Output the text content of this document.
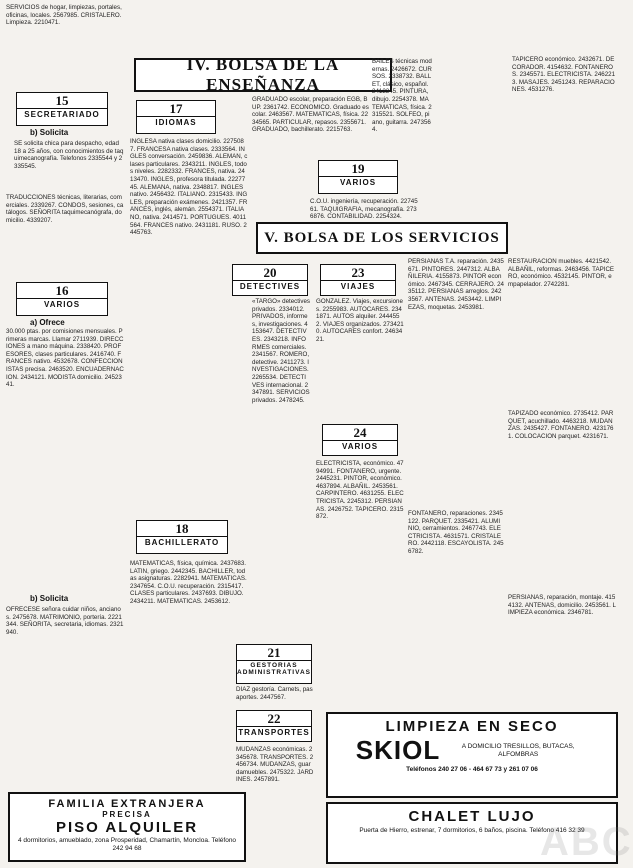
SERVICIOS de hogar, limpiezas, portales, oficinas, locales. 2567985. CRISTALERO. Limpieza. 2210471.

15
SECRETARIADO
b) Solicita

SE solicita chica para despacho, edad 18 a 25 años, con conocimientos de taquimecanografía. Telefonos 2335544 y 2335545.

TRADUCCIONES técnicas, literarias, comerciales. 2339267. CONDOS, sesiones, catálogos. SEÑORITA taquimecanógrafa, domicilio. 4339207.

16
VARIOS
a) Ofrece

30.000 ptas. por comisiones mensuales. Primeras marcas. Llamar 2711939. DIRECCIONES a mano máquina. 2338420. PROFESORES, clases particulares. 2416740. FRANCES nativo. 4532678. CONFECCIONISTAS precisa. 2463520. ENCUADERNACION. 2434121. MODISTA domicilio. 2452341.

b) Solicita

OFRECESE señora cuidar niños, ancianos. 2475678. MATRIMONIO, portería. 2221344. SEÑORITA, secretaria, idiomas. 2321940.

IV. BOLSA DE LA ENSEÑANZA
17
IDIOMAS

INGLESA nativa clases domicilio. 2275087. FRANCESA nativa clases. 2333564. INGLES conversación. 2459836. ALEMAN, clases particulares. 2343211. INGLES, todos niveles. 2282332. FRANCES, nativa. 2413470. INGLES, profesora titulada. 2227745. ALEMANA, nativa. 2348817. INGLES nativo. 2456432. ITALIANO. 2315433. INGLES, preparación exámenes. 2421357. FRANCES, inglés, alemán. 2554371. ITALIANO, nativa. 2414571. PORTUGUES. 4011564. FRANCES nativo. 2431181. RUSO. 2445763.

18
BACHILLERATO

MATEMATICAS, física, química. 2437683. LATIN, griego. 2442345. BACHILLER, todas asignaturas. 2282941. MATEMATICAS. 2347654. C.O.U. recuperación. 2315417. CLASES particulares. 2437693. DIBUJO. 2434211. MATEMATICAS. 2453612.

GRADUADO escolar, preparación EGB, BUP. 2361742. ECONOMICO. Graduado escolar. 2463567. MATEMATICAS, física. 2234565. PARTICULAR, repasos. 2355671. GRADUADO, bachillerato. 2215763.

19
VARIOS

C.O.U. ingeniería, recuperación. 2274561. TAQUIGRAFIA, mecanografía. 2736876. CONTABILIDAD. 2254324.

V. BOLSA DE LOS SERVICIOS
20
DETECTIVES

«TARGO» detectives privados. 2334012. PRIVADOS, informes, investigaciones. 4153647. DETECTIVES. 2343218. INFORMES comerciales. 2341567. ROMERO, detective. 2411273. INVESTIGACIONES. 2265534. DETECTIVES internacional. 2347891. SERVICIOS privados. 2478245.

21
GESTORIAS ADMINISTRATIVAS

DIAZ gestoría. Carnets, pasaportes. 2447567.

22
TRANSPORTES

MUDANZAS económicas. 2345678. TRANSPORTES. 2456734. MUDANZAS, guardamuebles. 2475322. JARDINES. 2457891.

BAILES técnicas modernas. 2426672. CURSOS. 2338732. BALLET, clásico, español. 2412345. PINTURA, dibujo. 2254378. MATEMATICAS, física. 2315521. SOLFEO, piano, guitarra. 2473564.

23
VIAJES

GONZALEZ. Viajes, excursiones. 2255983. AUTOCARES. 2341871. AUTOS alquiler. 2444552. VIAJES organizados. 2734210. AUTOCARES confort. 2463421.

24
VARIOS

ELECTRICISTA, económico. 4794991. FONTANERO, urgente. 2445231. PINTOR, económico. 4637894. ALBAÑIL. 2453561. CARPINTERO. 4631255. ELECTRICISTA. 2245312. PERSIANAS. 2426752. TAPICERO. 2315872.

PERSIANAS T.A. reparación. 2435671. PINTORES. 2447312. ALBAÑILERIA. 4155873. PINTOR económico. 2467345. CERRAJERO. 2435112. PERSIANAS arreglos. 2423567. ANTENAS. 2453442. LIMPIEZAS, moquetas. 2453981.

FONTANERO, reparaciones. 2345122. PARQUET. 2335421. ALUMINIO, cerramientos. 2467743. ELECTRICISTA. 4631571. CRISTALERO. 2442118. ESCAYOLISTA. 2456782.

TAPICERO económico. 2432671. DECORADOR. 4154632. FONTANEROS. 2345571. ELECTRICISTA. 2462213. MASAJES. 2451243. REPARACIONES. 4531276.

RESTAURACION muebles. 4421542. ALBAÑIL, reformas. 2463456. TAPICERO, económico. 4532145. PINTOR, empapelador. 2742281.

TAPIZADO económico. 2735412. PARQUET, acuchillado. 4463218. MUDANZAS. 2435427. FONTANERO. 4231761. COLOCACION parquet. 4231671.

PERSIANAS, reparación, montaje. 4154132. ANTENAS, domicilio. 2453561. LIMPIEZA económica. 2346781.

FAMILIA EXTRANJERA
PRECISA
PISO ALQUILER
4 dormitorios, amueblado, zona Prosperidad, Chamartín, Moncloa. Teléfono 242 94 68
LIMPIEZA EN SECO
SKIOL	A DOMICILIO TRESILLOS, BUTACAS, ALFOMBRAS
Teléfonos 240 27 06 - 464 67 73 y 261 07 06
CHALET LUJO
Puerta de Hierro, estrenar, 7 dormitorios, 6 baños, piscina. Teléfono 416 32 39
ABC
